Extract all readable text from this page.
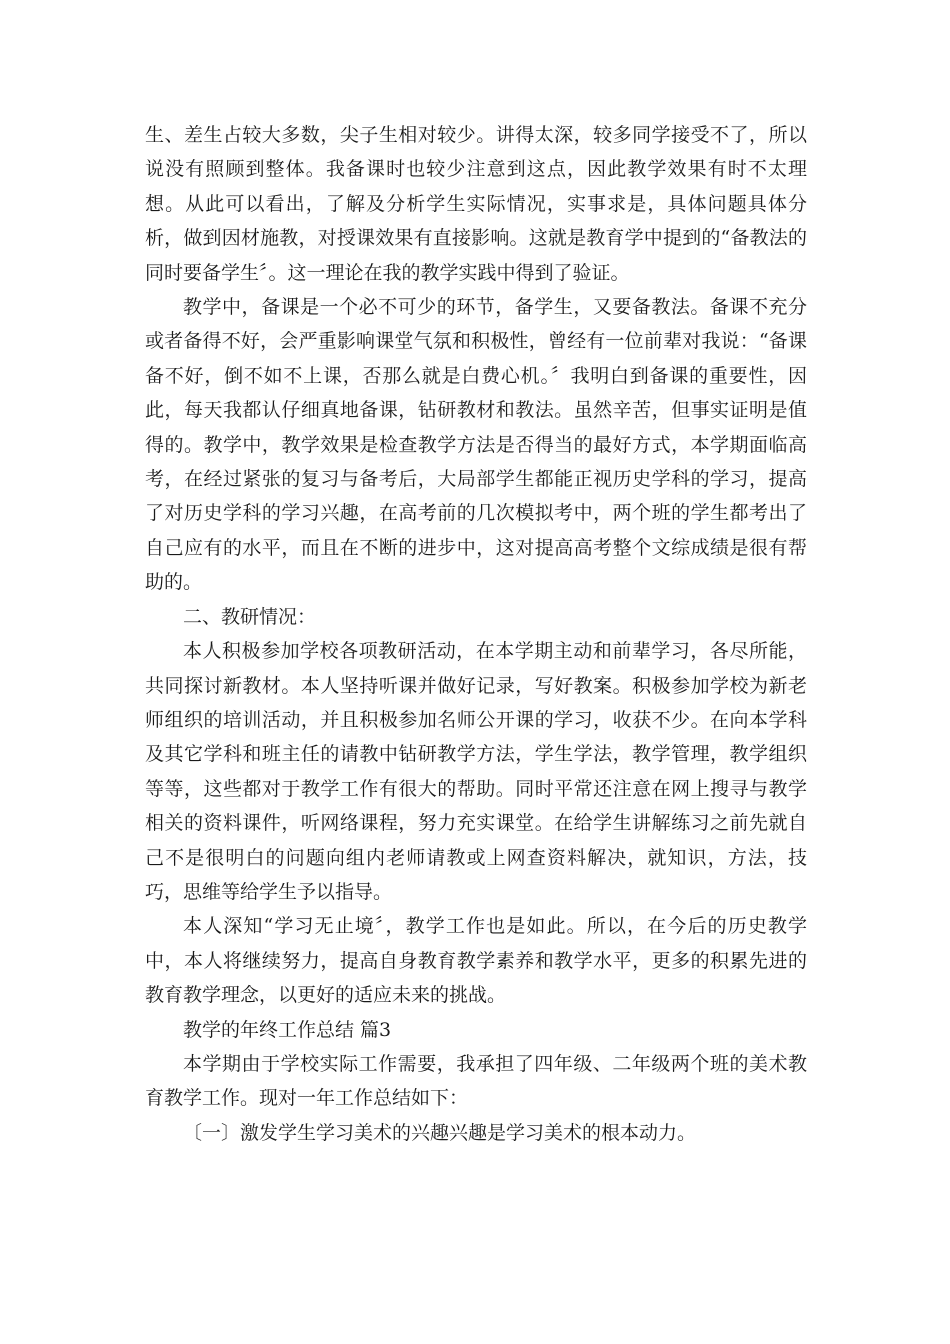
生、差生占较大多数，尖子生相对较少。讲得太深，较多同学接受不了，所以说没有照顾到整体。我备课时也较少注意到这点，因此教学效果有时不太理想。从此可以看出，了解及分析学生实际情况，实事求是，具体问题具体分析，做到因材施教，对授课效果有直接影响。这就是教育学中提到的“备教法的同时要备学生〞。这一理论在我的教学实践中得到了验证。

教学中，备课是一个必不可少的环节，备学生，又要备教法。备课不充分或者备得不好，会严重影响课堂气氛和积极性，曾经有一位前辈对我说：“备课备不好，倒不如不上课，否那么就是白费心机。〞我明白到备课的重要性，因此，每天我都认仔细真地备课，钻研教材和教法。虽然辛苦，但事实证明是值得的。教学中，教学效果是检查教学方法是否得当的最好方式，本学期面临高考，在经过紧张的复习与备考后，大局部学生都能正视历史学科的学习，提高了对历史学科的学习兴趣，在高考前的几次模拟考中，两个班的学生都考出了自己应有的水平，而且在不断的进步中，这对提高高考整个文综成绩是很有帮助的。

二、教研情况：

本人积极参加学校各项教研活动，在本学期主动和前辈学习，各尽所能，共同探讨新教材。本人坚持听课并做好记录，写好教案。积极参加学校为新老师组织的培训活动，并且积极参加名师公开课的学习，收获不少。在向本学科及其它学科和班主任的请教中钻研教学方法，学生学法，教学管理，教学组织等等，这些都对于教学工作有很大的帮助。同时平常还注意在网上搜寻与教学相关的资料课件，听网络课程，努力充实课堂。在给学生讲解练习之前先就自己不是很明白的问题向组内老师请教或上网查资料解决，就知识，方法，技巧，思维等给学生予以指导。

本人深知“学习无止境〞，教学工作也是如此。所以，在今后的历史教学中，本人将继续努力，提高自身教育教学素养和教学水平，更多的积累先进的教育教学理念，以更好的适应未来的挑战。

教学的年终工作总结 篇3

本学期由于学校实际工作需要，我承担了四年级、二年级两个班的美术教育教学工作。现对一年工作总结如下：

〔一〕激发学生学习美术的兴趣兴趣是学习美术的根本动力。
